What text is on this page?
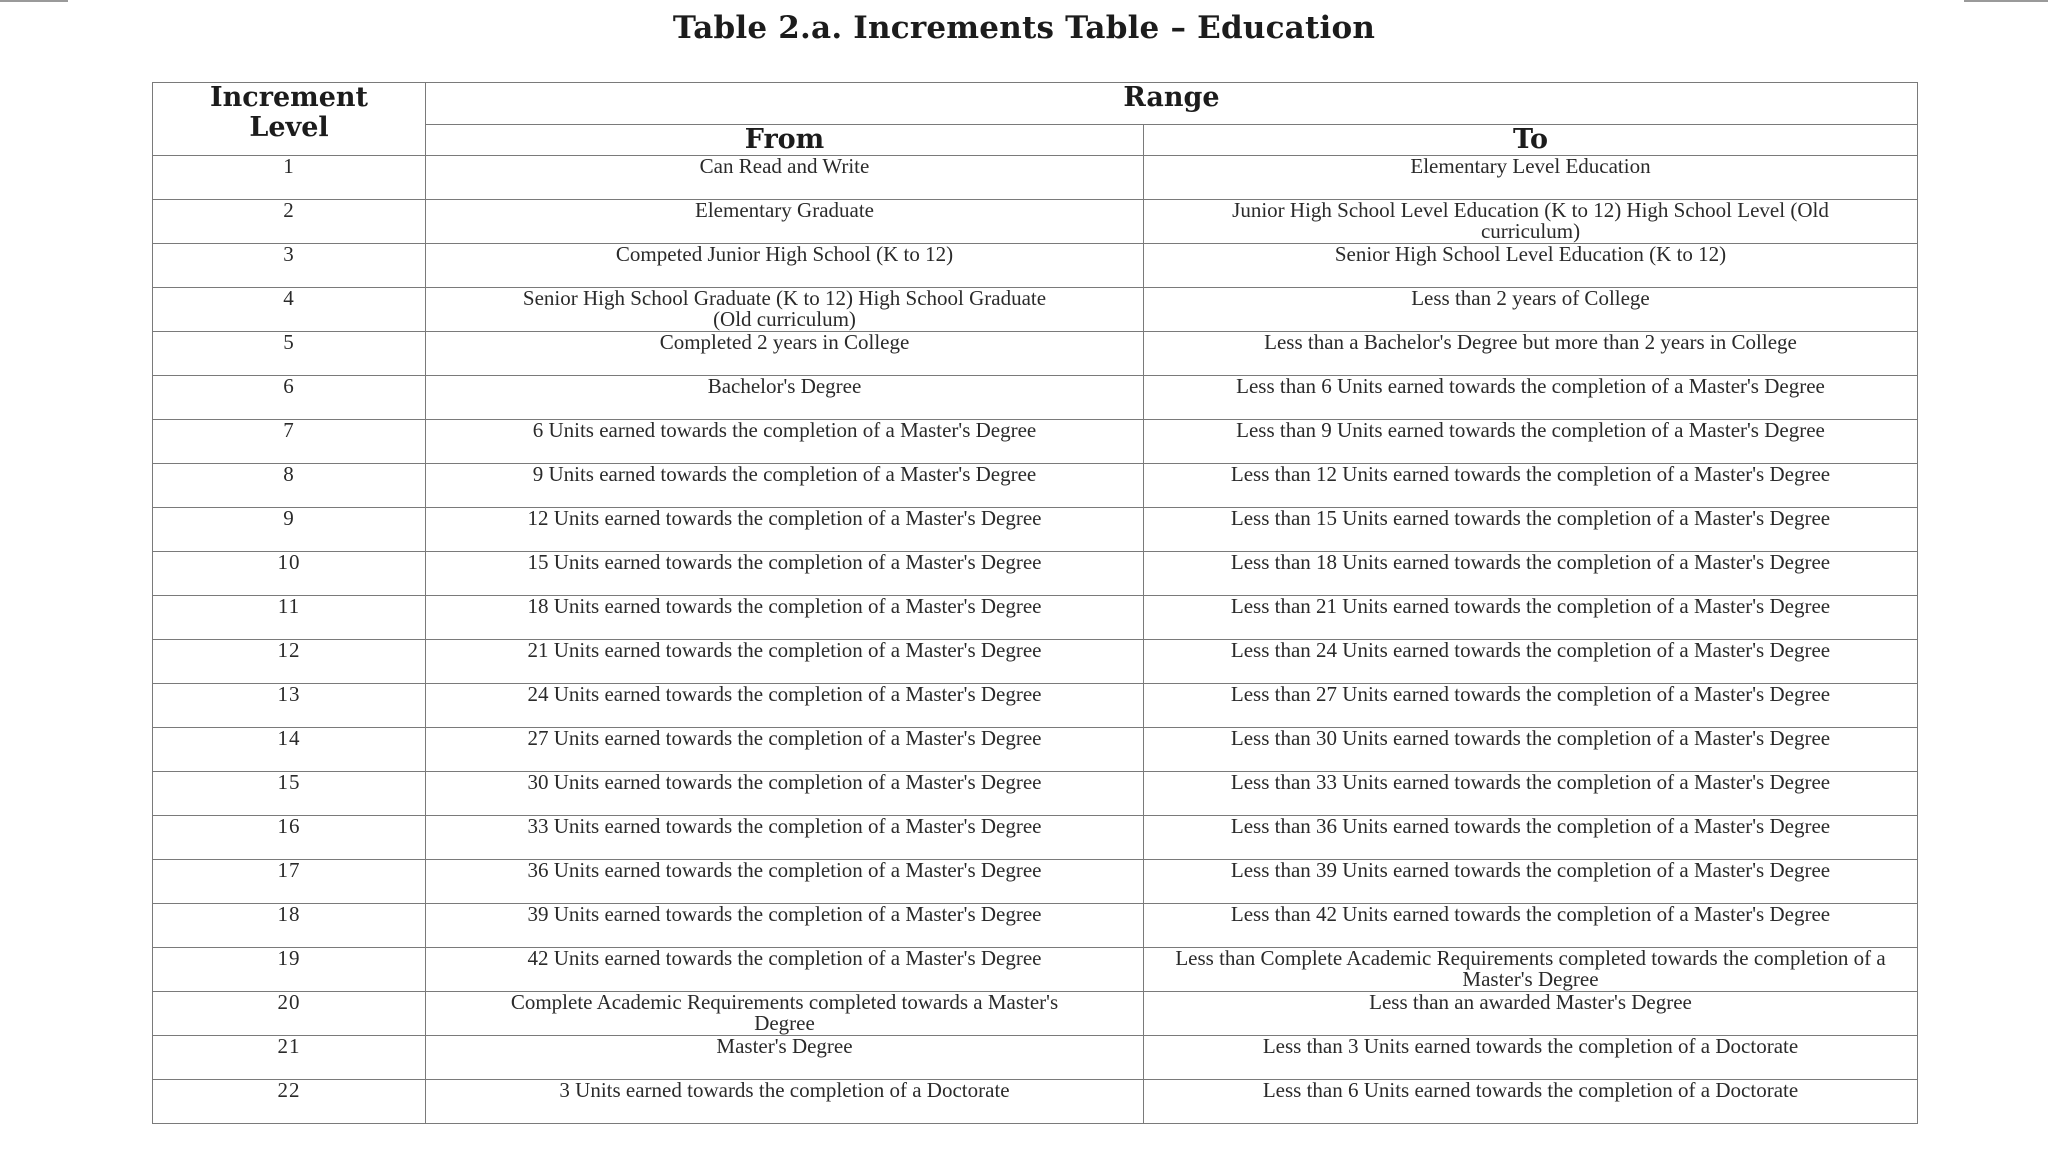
Table 2.a. Increments Table – Education
Increment Level	Range	
	From	To
1	Can Read and Write	Elementary Level Education

2	Elementary Graduate	Junior High School Level Education (K to 12) High School Level (Old curriculum)

3	Competed Junior High School (K to 12)	Senior High School Level Education (K to 12)

4	Senior High School Graduate (K to 12) High School Graduate (Old curriculum)	Less than 2 years of College

5	Completed 2 years in College	Less than a Bachelor's Degree but more than 2 years in College

6	Bachelor's Degree	Less than 6 Units earned towards the completion of a Master's Degree

7	6 Units earned towards the completion of a Master's Degree	Less than 9 Units earned towards the completion of a Master's Degree

8	9 Units earned towards the completion of a Master's Degree	Less than 12 Units earned towards the completion of a Master's Degree

9	12 Units earned towards the completion of a Master's Degree	Less than 15 Units earned towards the completion of a Master's Degree

10	15 Units earned towards the completion of a Master's Degree	Less than 18 Units earned towards the completion of a Master's Degree

11	18 Units earned towards the completion of a Master's Degree	Less than 21 Units earned towards the completion of a Master's Degree

12	21 Units earned towards the completion of a Master's Degree	Less than 24 Units earned towards the completion of a Master's Degree

13	24 Units earned towards the completion of a Master's Degree	Less than 27 Units earned towards the completion of a Master's Degree

14	27 Units earned towards the completion of a Master's Degree	Less than 30 Units earned towards the completion of a Master's Degree

15	30 Units earned towards the completion of a Master's Degree	Less than 33 Units earned towards the completion of a Master's Degree

16	33 Units earned towards the completion of a Master's Degree	Less than 36 Units earned towards the completion of a Master's Degree

17	36 Units earned towards the completion of a Master's Degree	Less than 39 Units earned towards the completion of a Master's Degree

18	39 Units earned towards the completion of a Master's Degree	Less than 42 Units earned towards the completion of a Master's Degree

19	42 Units earned towards the completion of a Master's Degree	Less than Complete Academic Requirements completed towards the completion of a Master's Degree

20	Complete Academic Requirements completed towards a Master's Degree	Less than an awarded Master's Degree

21	Master's Degree	Less than 3 Units earned towards the completion of a Doctorate

22	3 Units earned towards the completion of a Doctorate	Less than 6 Units earned towards the completion of a Doctorate
